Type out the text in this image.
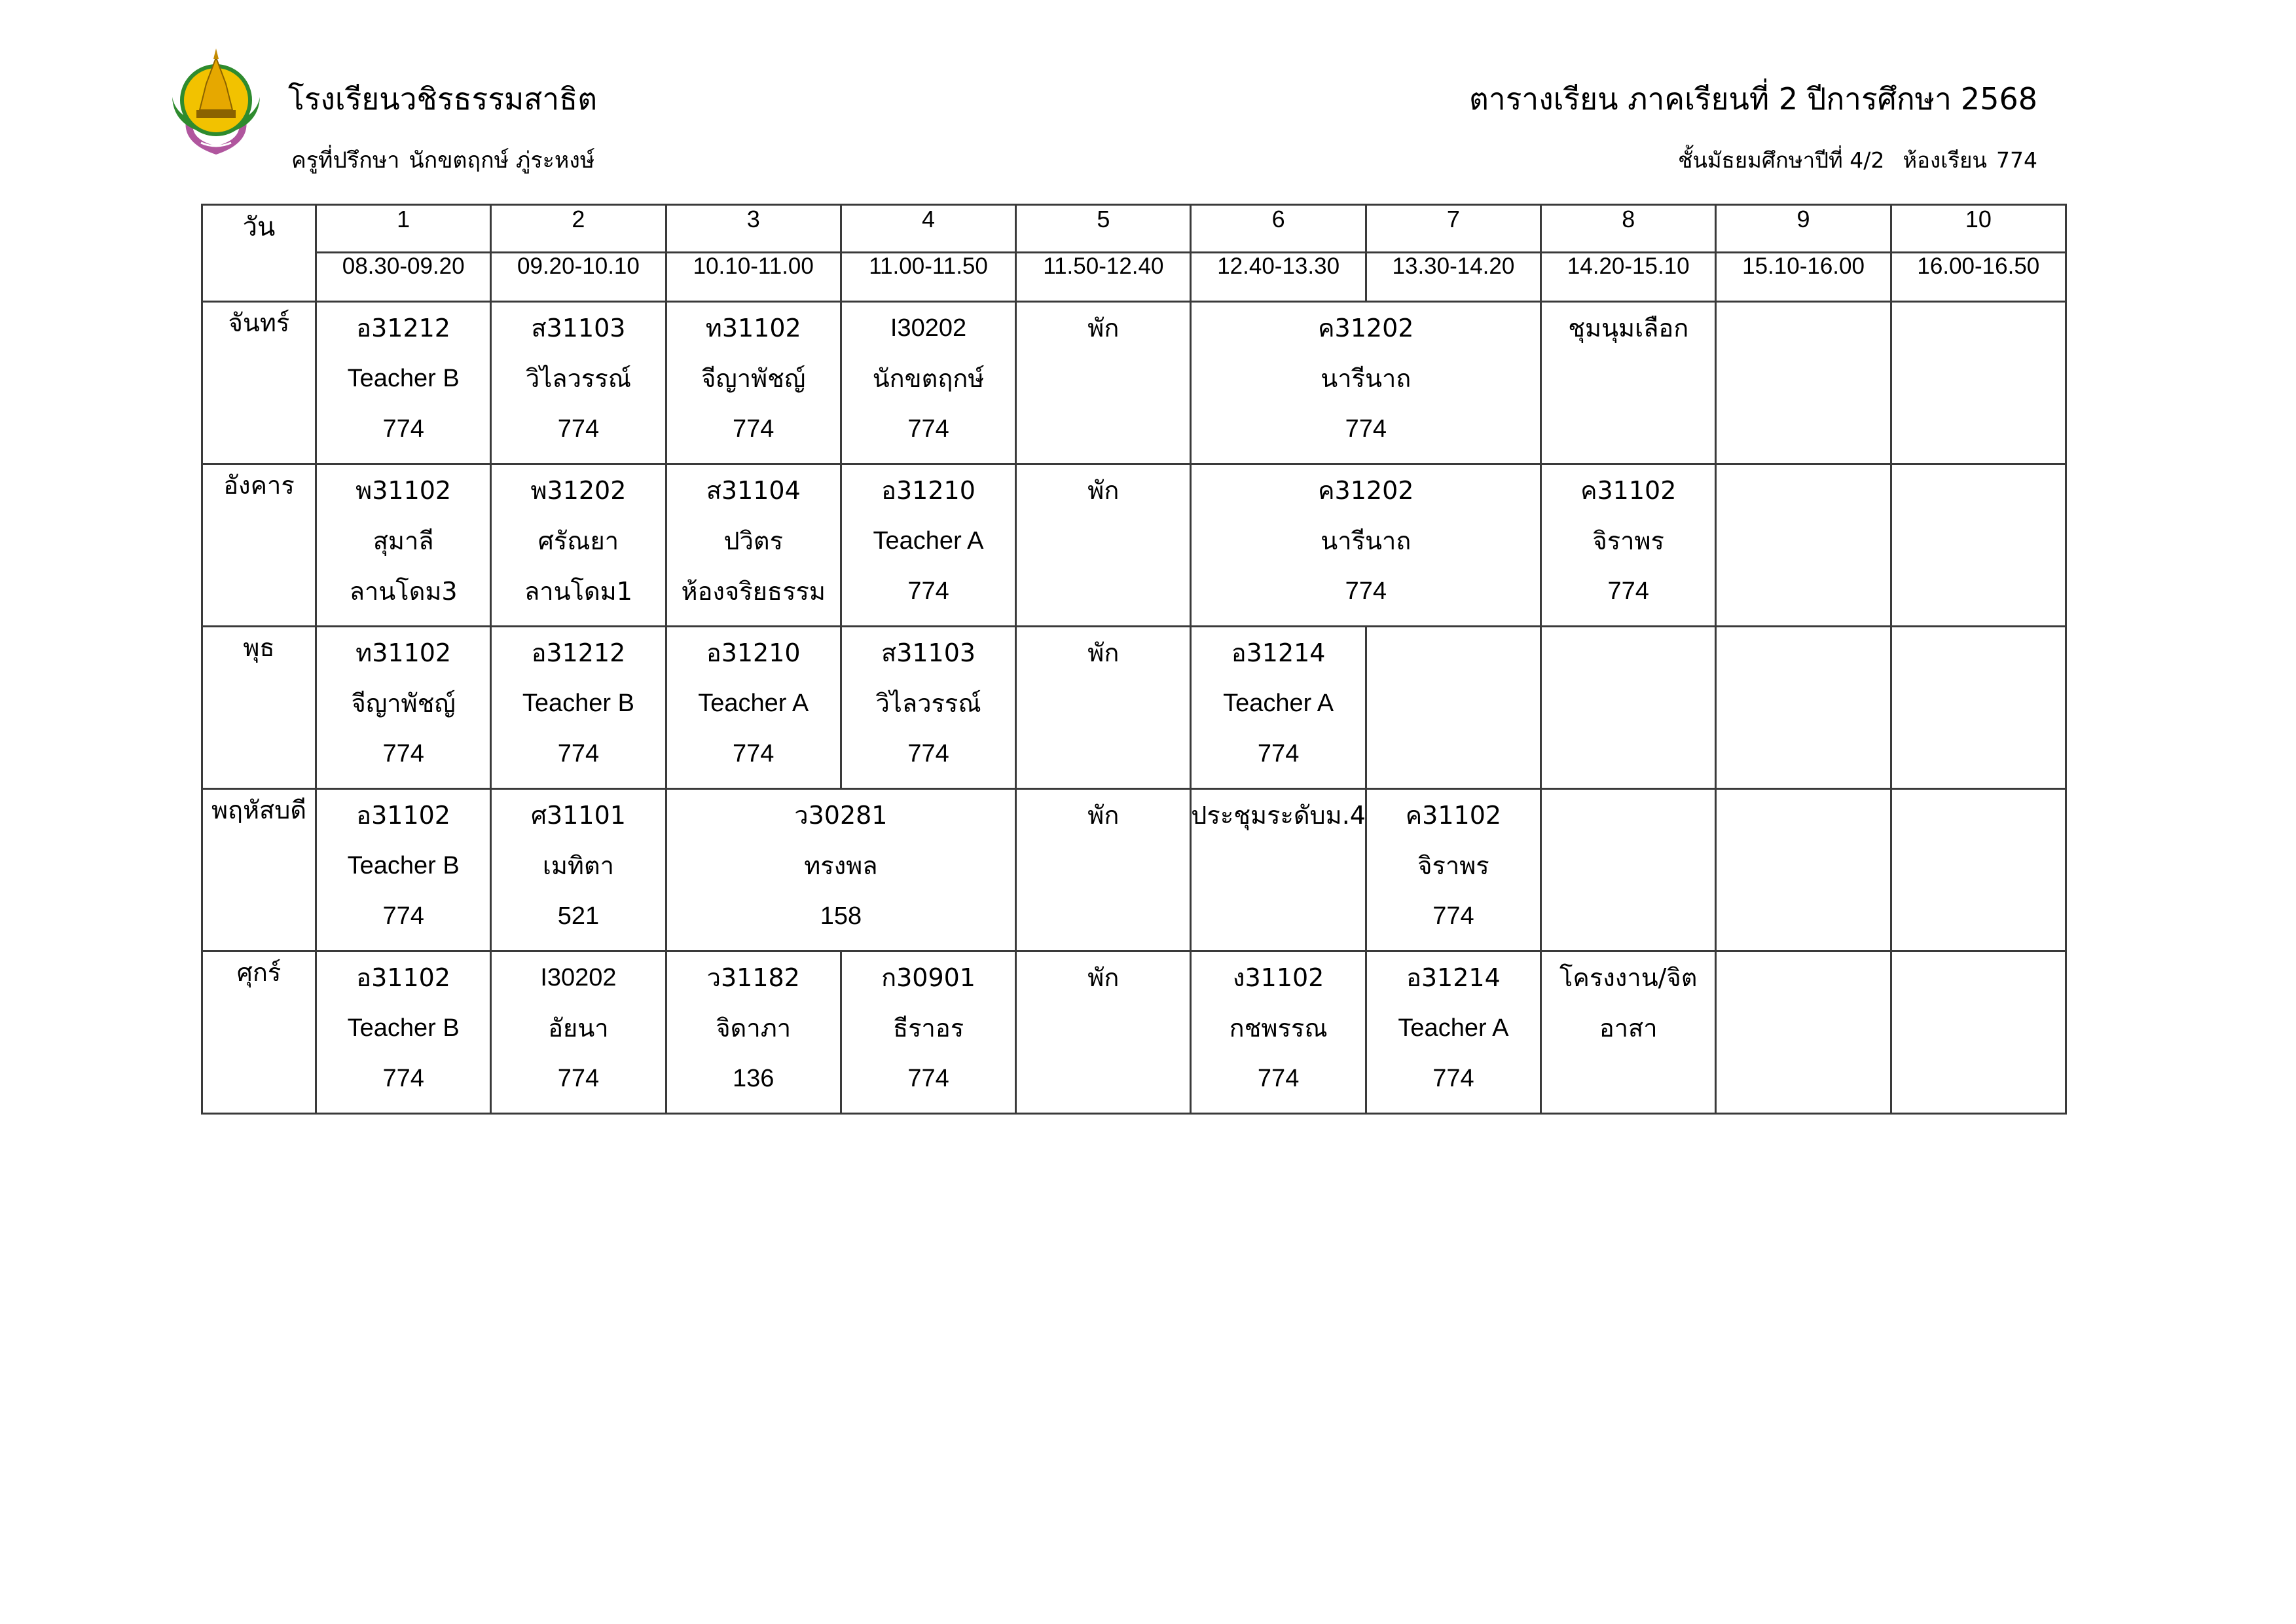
โรงเรียนวชิรธรรมสาธิต
ครูที่ปรึกษา นักขตฤกษ์ ภู่ระหงษ์
ตารางเรียน ภาคเรียนที่ 2 ปีการศึกษา 2568
ชั้นมัธยมศึกษาปีที่ 4/2 ห้องเรียน 774
วัน	1	2	3	4	5	6	7	8	9	10
	08.30-09.20	09.20-10.10	10.10-11.00	11.00-11.50	11.50-12.40	12.40-13.30	13.30-14.20	14.20-15.10	15.10-16.00	16.00-16.50
จันทร์	อ31212
Teacher B
774	ส31103
วิไลวรรณ์
774	ท31102
จีญาพัชญ์
774	I30202
นักขตฤกษ์
774	พัก	ค31202
นารีนาถ
774		ชุมนุมเลือก		

อังคาร	พ31102
สุมาลี
ลานโดม3	พ31202
ศรัณยา
ลานโดม1	ส31104
ปวิตร
ห้องจริยธรรม	อ31210
Teacher A
774	พัก	ค31202
นารีนาถ
774		ค31102
จิราพร
774		

พุธ	ท31102
จีญาพัชญ์
774	อ31212
Teacher B
774	อ31210
Teacher A
774	ส31103
วิไลวรรณ์
774	พัก	อ31214
Teacher A
774				

พฤหัสบดี	อ31102
Teacher B
774	ศ31101
เมทิตา
521	ว30281
ทรงพล
158		พัก	ประชุมระดับม.4	ค31102
จิราพร
774			

ศุกร์	อ31102
Teacher B
774	I30202
อัยนา
774	ว31182
จิดาภา
136	ก30901
ธีราอร
774	พัก	ง31102
กชพรรณ
774	อ31214
Teacher A
774	โครงงาน/จิต
อาสา		
